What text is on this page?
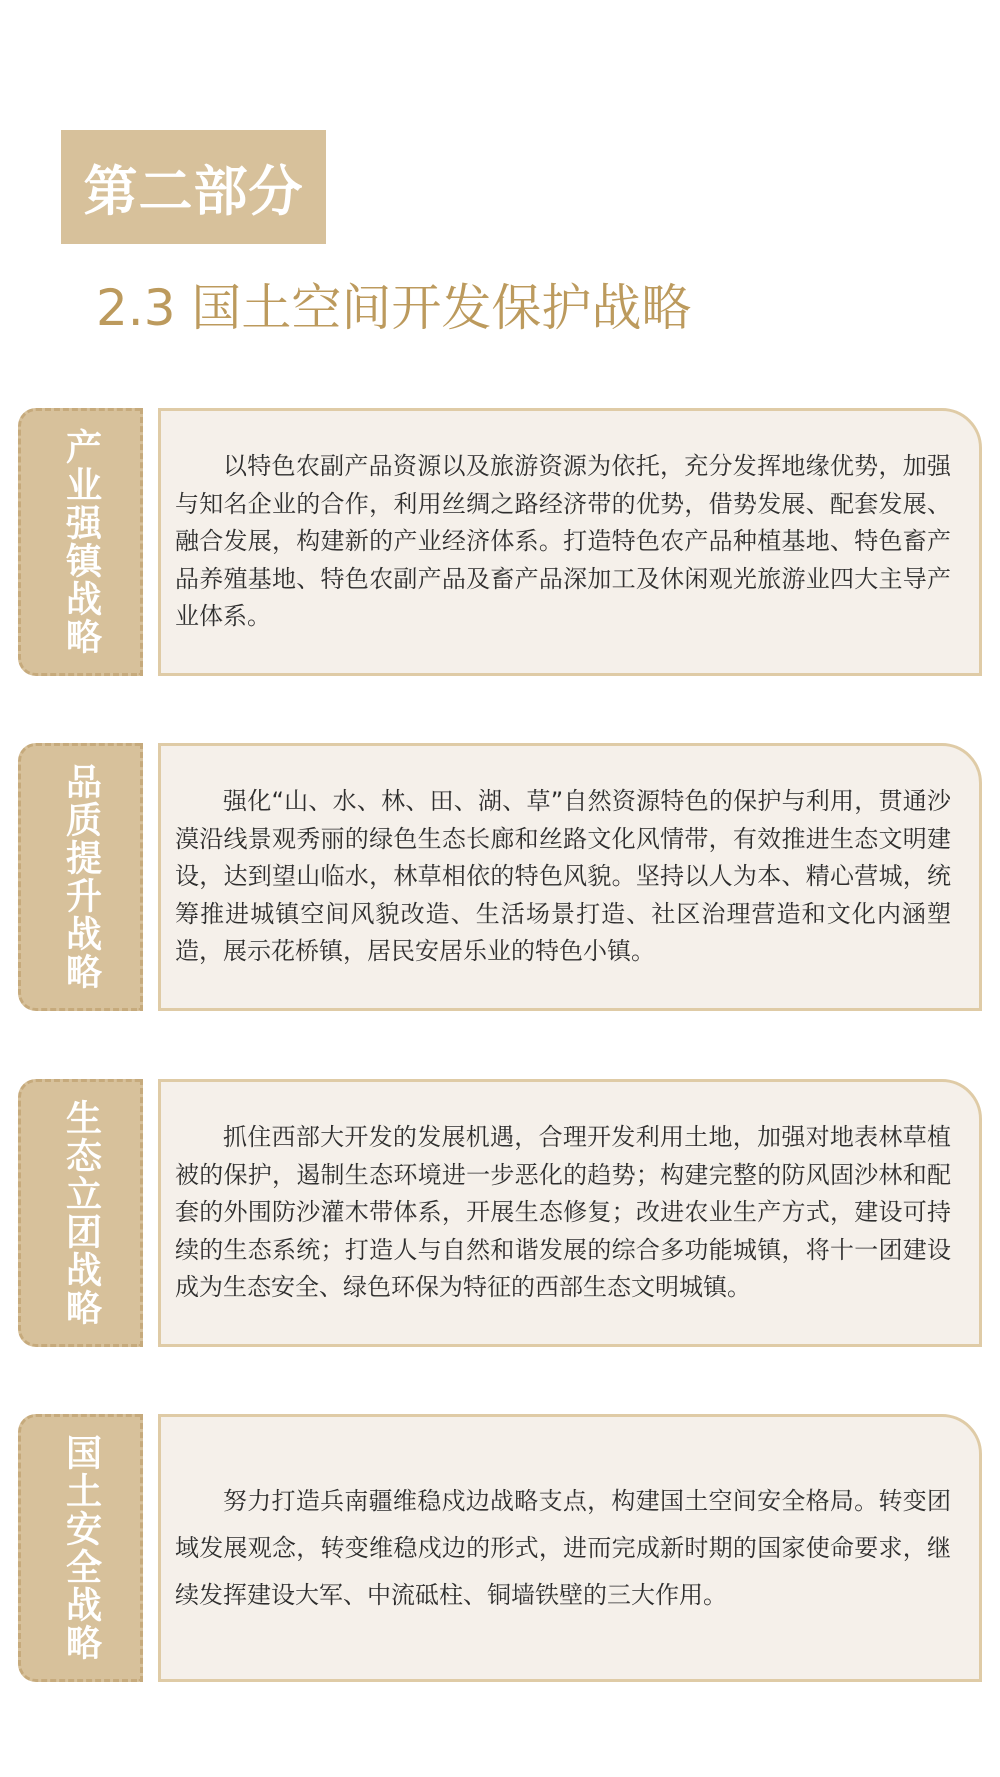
第二部分
2.3 国土空间开发保护战略
产业强镇战略	以特色农副产品资源以及旅游资源为依托，充分发挥地缘优势，加强与知名企业的合作，利用丝绸之路经济带的优势，借势发展、配套发展、融合发展，构建新的产业经济体系。打造特色农产品种植基地、特色畜产品养殖基地、特色农副产品及畜产品深加工及休闲观光旅游业四大主导产业体系。

品质提升战略	强化“山、水、林、田、湖、草”自然资源特色的保护与利用，贯通沙漠沿线景观秀丽的绿色生态长廊和丝路文化风情带，有效推进生态文明建设，达到望山临水，林草相依的特色风貌。坚持以人为本、精心营城，统筹推进城镇空间风貌改造、生活场景打造、社区治理营造和文化内涵塑造，展示花桥镇，居民安居乐业的特色小镇。

生态立团战略	抓住西部大开发的发展机遇，合理开发利用土地，加强对地表林草植被的保护，遏制生态环境进一步恶化的趋势；构建完整的防风固沙林和配套的外围防沙灌木带体系，开展生态修复；改进农业生产方式，建设可持续的生态系统；打造人与自然和谐发展的综合多功能城镇，将十一团建设成为生态安全、绿色环保为特征的西部生态文明城镇。

国土安全战略	努力打造兵南疆维稳戍边战略支点，构建国土空间安全格局。转变团域发展观念，转变维稳戍边的形式，进而完成新时期的国家使命要求，继续发挥建设大军、中流砥柱、铜墙铁壁的三大作用。
